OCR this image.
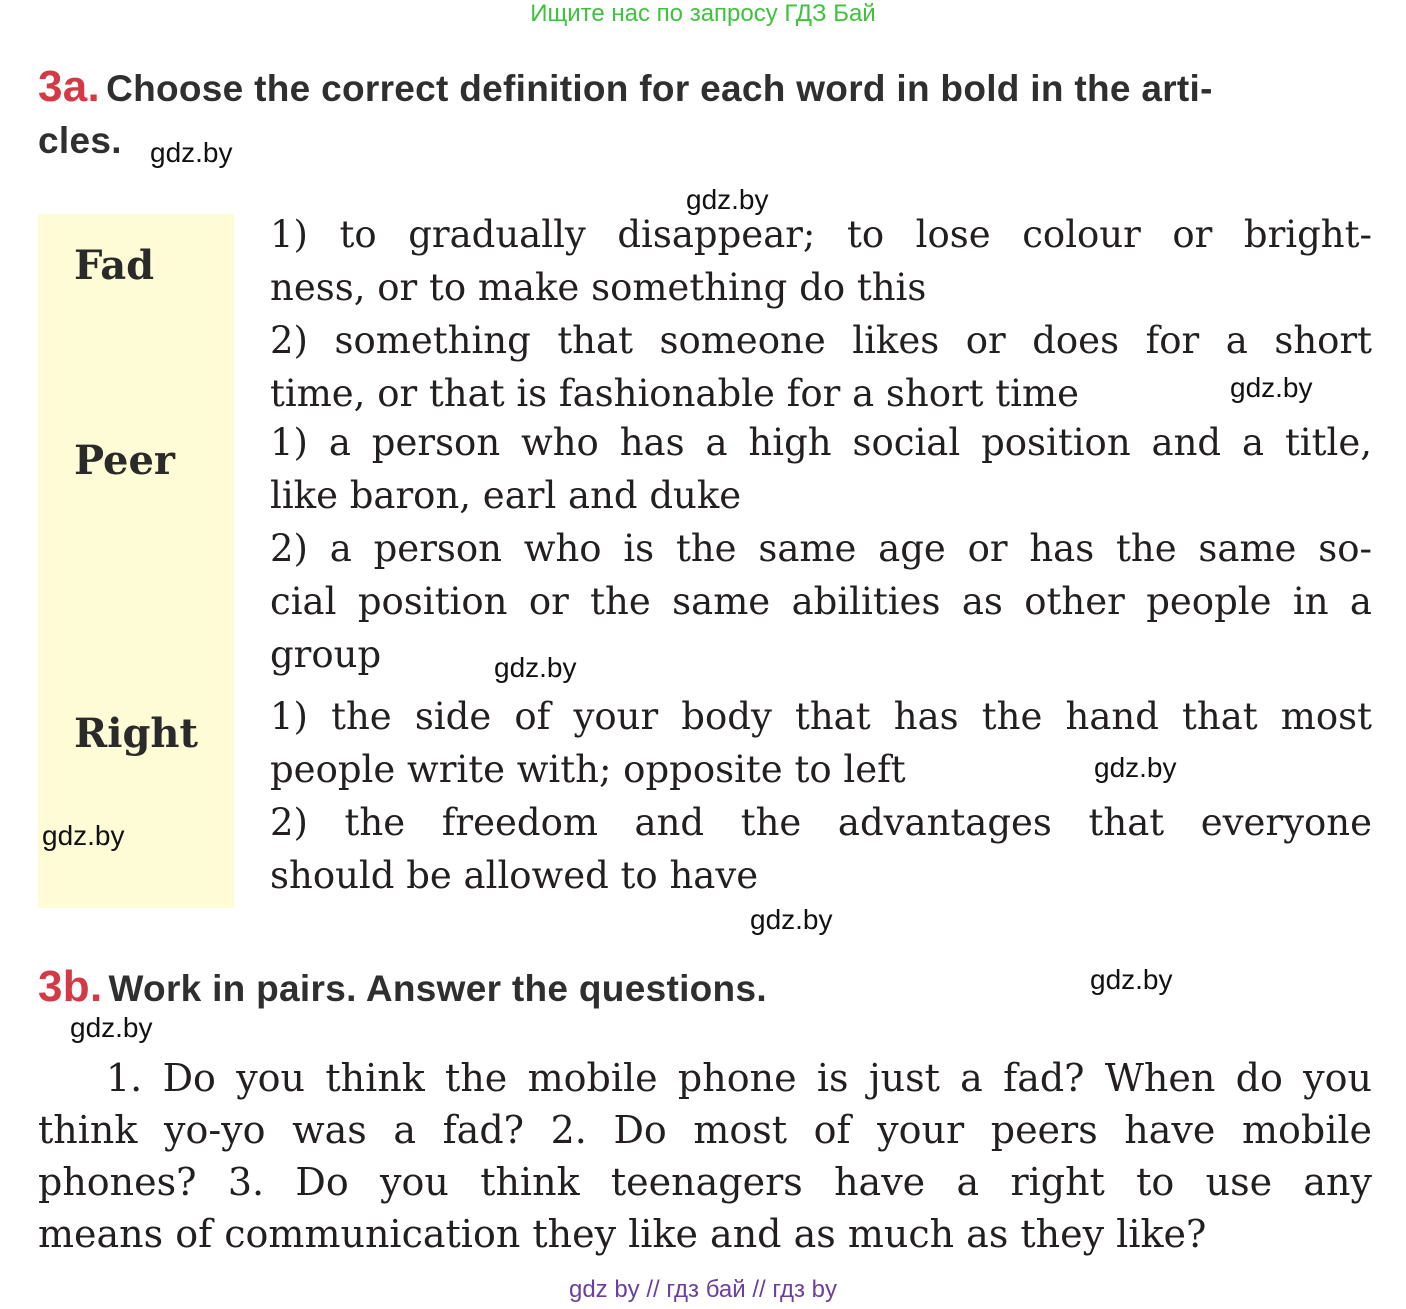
Ищите нас по запросу ГДЗ Бай
3a. Choose the correct definition for each word in bold in the arti-
cles.
Fad
Peer
Right
1) to gradually disappear; to lose colour or bright-
ness, or to make something do this
2) something that someone likes or does for a short
time, or that is fashionable for a short time
1) a person who has a high social position and a title,
like baron, earl and duke
2) a person who is the same age or has the same so-
cial position or the same abilities as other people in a
group
1) the side of your body that has the hand that most
people write with; opposite to left
2) the freedom and the advantages that everyone
should be allowed to have
3b. Work in pairs. Answer the questions.
1. Do you think the mobile phone is just a fad? When do you
think yo-yo was a fad? 2. Do most of your peers have mobile
phones? 3. Do you think teenagers have a right to use any
means of communication they like and as much as they like?
gdz.by
gdz.by
gdz.by
gdz.by
gdz.by
gdz.by
gdz.by
gdz.by
gdz.by
gdz by // гдз бай // гдз by
